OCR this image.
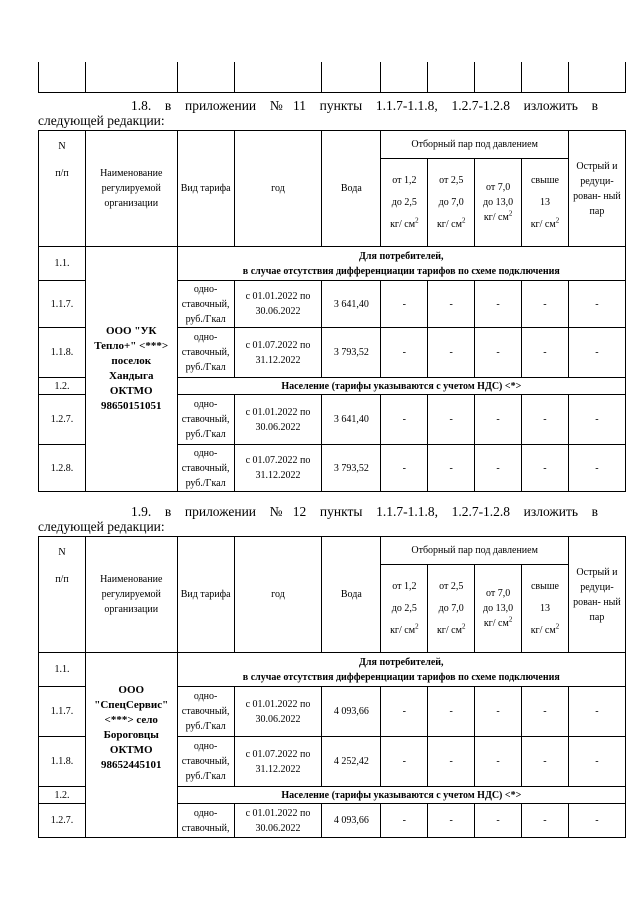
1.8. в приложении №11 пункты 1.1.7-1.1.8, 1.2.7-1.2.8 изложить в
следующей редакции:
N
п/п	Наименование регулируемой организации	Вид тарифа	год	Вода	Отборный пар под давлением				Острый и редуци- рован- ный пар

					от 1,2
до 2,5
кг/ $см^2$	от 2,5
до 7,0
кг/ $см^2$	от 7,0
до 13,0
кг/ $см^2$	свыше
13
кг/ $см^2$

1.1.	ООО "УК Тепло+" <***> поселок Хандыга ОКТМО 98650151051	Для потребителей,
в случае отсутствия дифференциации тарифов по схеме подключения							

1.1.7.		одно- ставочный, руб./Гкал	с 01.01.2022 по 30.06.2022	3 641,40	-	-	-	-	-
1.1.8.		одно- ставочный, руб./Гкал	с 01.07.2022 по 31.12.2022	3 793,52	-	-	-	-	-
1.2.		Население (тарифы указываются с учетом НДС) <*>							
1.2.7.		одно- ставочный, руб./Гкал	с 01.01.2022 по 30.06.2022	3 641,40	-	-	-	-	-
1.2.8.		одно- ставочный, руб./Гкал	с 01.07.2022 по 31.12.2022	3 793,52	-	-	-	-	-
1.9. в приложении №12 пункты 1.1.7-1.1.8, 1.2.7-1.2.8 изложить в
следующей редакции:
N
п/п	Наименование регулируемой организации	Вид тарифа	год	Вода	Отборный пар под давлением				Острый и редуци- рован- ный пар

					от 1,2
до 2,5
кг/ $см^2$	от 2,5
до 7,0
кг/ $см^2$	от 7,0
до 13,0
кг/ $см^2$	свыше
13
кг/ $см^2$

1.1.	ООО "СпецСервис" <***> село Бороговцы ОКТМО 98652445101	Для потребителей,
в случае отсутствия дифференциации тарифов по схеме подключения							

1.1.7.		одно- ставочный, руб./Гкал	с 01.01.2022 по 30.06.2022	4 093,66	-	-	-	-	-
1.1.8.		одно- ставочный, руб./Гкал	с 01.07.2022 по 31.12.2022	4 252,42	-	-	-	-	-
1.2.		Население (тарифы указываются с учетом НДС) <*>							
1.2.7.		одно- ставочный,	с 01.01.2022 по 30.06.2022	4 093,66	-	-	-	-	-
